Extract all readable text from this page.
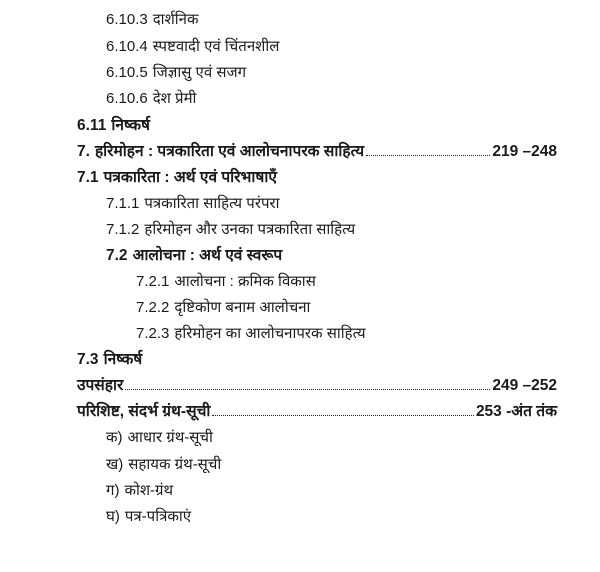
6.10.3 दार्शनिक
6.10.4 स्पष्टवादी एवं चिंतनशील
6.10.5 जिज्ञासु एवं सजग
6.10.6 देश प्रेमी
6.11 निष्कर्ष
7. हरिमोहन : पत्रकारिता एवं आलोचनापरक साहित्य	219 –248
7.1 पत्रकारिता : अर्थ एवं परिभाषाएँ
7.1.1 पत्रकारिता साहित्य परंपरा
7.1.2 हरिमोहन और उनका पत्रकारिता साहित्य
7.2 आलोचना : अर्थ एवं स्वरूप
7.2.1 आलोचना : क्रमिक विकास
7.2.2 दृष्टिकोण बनाम आलोचना
7.2.3 हरिमोहन का आलोचनापरक साहित्य
7.3 निष्कर्ष
उपसंहार	249 –252
परिशिष्ट, संदर्भ ग्रंथ-सूची	253 -अंत तंक
क) आधार ग्रंथ-सूची
ख) सहायक ग्रंथ-सूची
ग) कोश-ग्रंथ
घ) पत्र-पत्रिकाएं
